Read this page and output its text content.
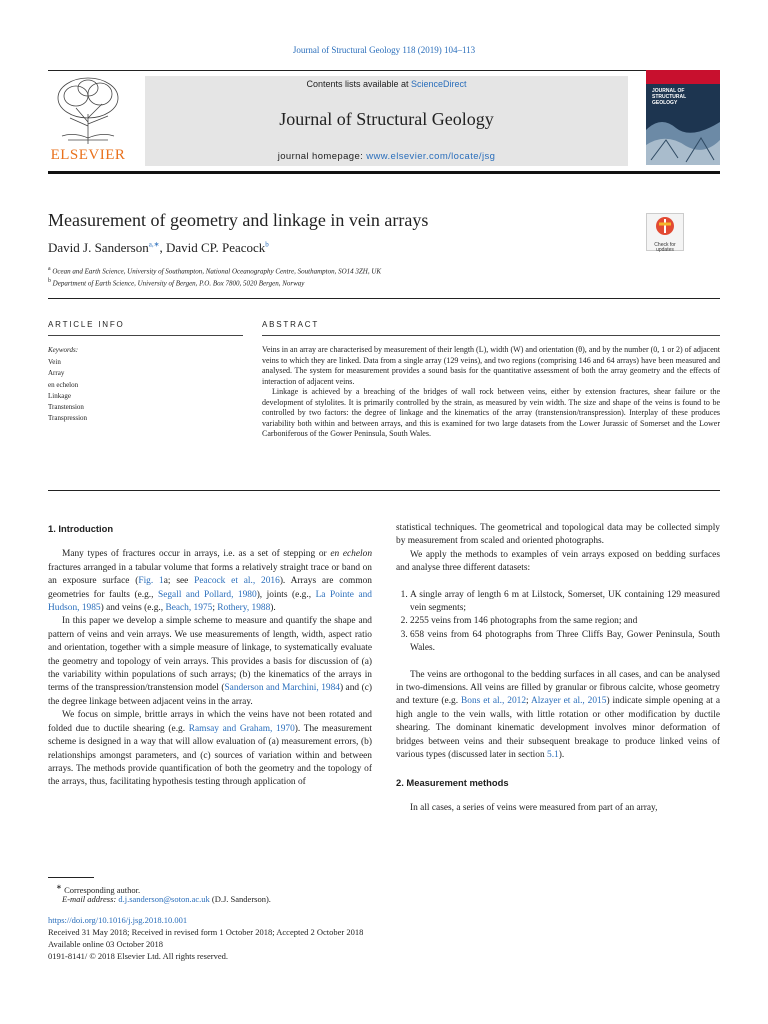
Journal of Structural Geology 118 (2019) 104–113
ELSEVIER
Contents lists available at ScienceDirect
Journal of Structural Geology
journal homepage: www.elsevier.com/locate/jsg
JOURNAL OF STRUCTURAL GEOLOGY
Measurement of geometry and linkage in vein arrays
David J. Sanderson$^{a,∗}$, David CP. Peacock$^b$
$^a$ Ocean and Earth Science, University of Southampton, National Oceanography Centre, Southampton, SO14 3ZH, UK
$^b$ Department of Earth Science, University of Bergen, P.O. Box 7800, 5020 Bergen, Norway
Check for updates
ARTICLE INFO
Keywords:
Vein
Array
en echelon
Linkage
Transtension
Transpression
ABSTRACT

Veins in an array are characterised by measurement of their length (L), width (W) and orientation (θ), and by the number (0, 1 or 2) of adjacent veins to which they are linked. Data from a single array (129 veins), and two regions (comprising 146 and 64 arrays) have been measured and analysed. The system for measurement provides a sound basis for the quantitative assessment of both the array geometry and the effects of interaction of adjacent veins.

Linkage is achieved by a breaching of the bridges of wall rock between veins, either by extension fractures, shear failure or the development of stylolites. It is primarily controlled by the strain, as measured by vein width. The size and shape of the veins is found to be controlled by two factors: the degree of linkage and the kinematics of the array (transtension/transpression). Interplay of these produces variability both within and between arrays, and this is examined for two large datasets from the Lower Jurassic of Somerset and the Lower Carboniferous of the Gower Peninsula, South Wales.

1. Introduction

Many types of fractures occur in arrays, i.e. as a set of stepping or en echelon fractures arranged in a tabular volume that forms a relatively straight trace or band on an exposure surface (Fig. 1a; see Peacock et al., 2016). Arrays are common geometries for faults (e.g., Segall and Pollard, 1980), joints (e.g., La Pointe and Hudson, 1985) and veins (e.g., Beach, 1975; Rothery, 1988).

In this paper we develop a simple scheme to measure and quantify the shape and pattern of veins and vein arrays. We use measurements of length, width, aspect ratio and orientation, together with a simple measure of linkage, to systematically evaluate the geometry and topology of vein arrays. This provides a basis for discussion of (a) the variability within populations of such arrays; (b) the kinematics of the arrays in terms of the transpression/transtension model (Sanderson and Marchini, 1984) and (c) the degree linkage between adjacent veins in the array.

We focus on simple, brittle arrays in which the veins have not been rotated and folded due to ductile shearing (e.g. Ramsay and Graham, 1970). The measurement scheme is designed in a way that will allow evaluation of (a) measurement errors, (b) relationships amongst parameters, and (c) sources of variation within and between arrays. The methods provide quantification of both the geometry and the topology of the arrays, thus, facilitating hypothesis testing through application of

statistical techniques. The geometrical and topological data may be collected simply by measurement from scaled and oriented photographs.

We apply the methods to examples of vein arrays exposed on bedding surfaces and analyse three different datasets:

1. A single array of length 6 m at Lilstock, Somerset, UK containing 129 measured vein segments;
2. 2255 veins from 146 photographs from the same region; and
3. 658 veins from 64 photographs from Three Cliffs Bay, Gower Peninsula, South Wales.

The veins are orthogonal to the bedding surfaces in all cases, and can be analysed in two-dimensions. All veins are filled by granular or fibrous calcite, whose geometry and texture (e.g. Bons et al., 2012; Alzayer et al., 2015) indicate simple opening at a high angle to the vein walls, with little rotation or other modification by ductile shearing. The dominant kinematic development involves minor deformation of bridges between veins and their subsequent breakage to produce linked veins of various types (discussed later in section 5.1).

2. Measurement methods

In all cases, a series of veins were measured from part of an array,

∗ Corresponding author.
E-mail address: d.j.sanderson@soton.ac.uk (D.J. Sanderson).
https://doi.org/10.1016/j.jsg.2018.10.001
Received 31 May 2018; Received in revised form 1 October 2018; Accepted 2 October 2018
Available online 03 October 2018
0191-8141/ © 2018 Elsevier Ltd. All rights reserved.
